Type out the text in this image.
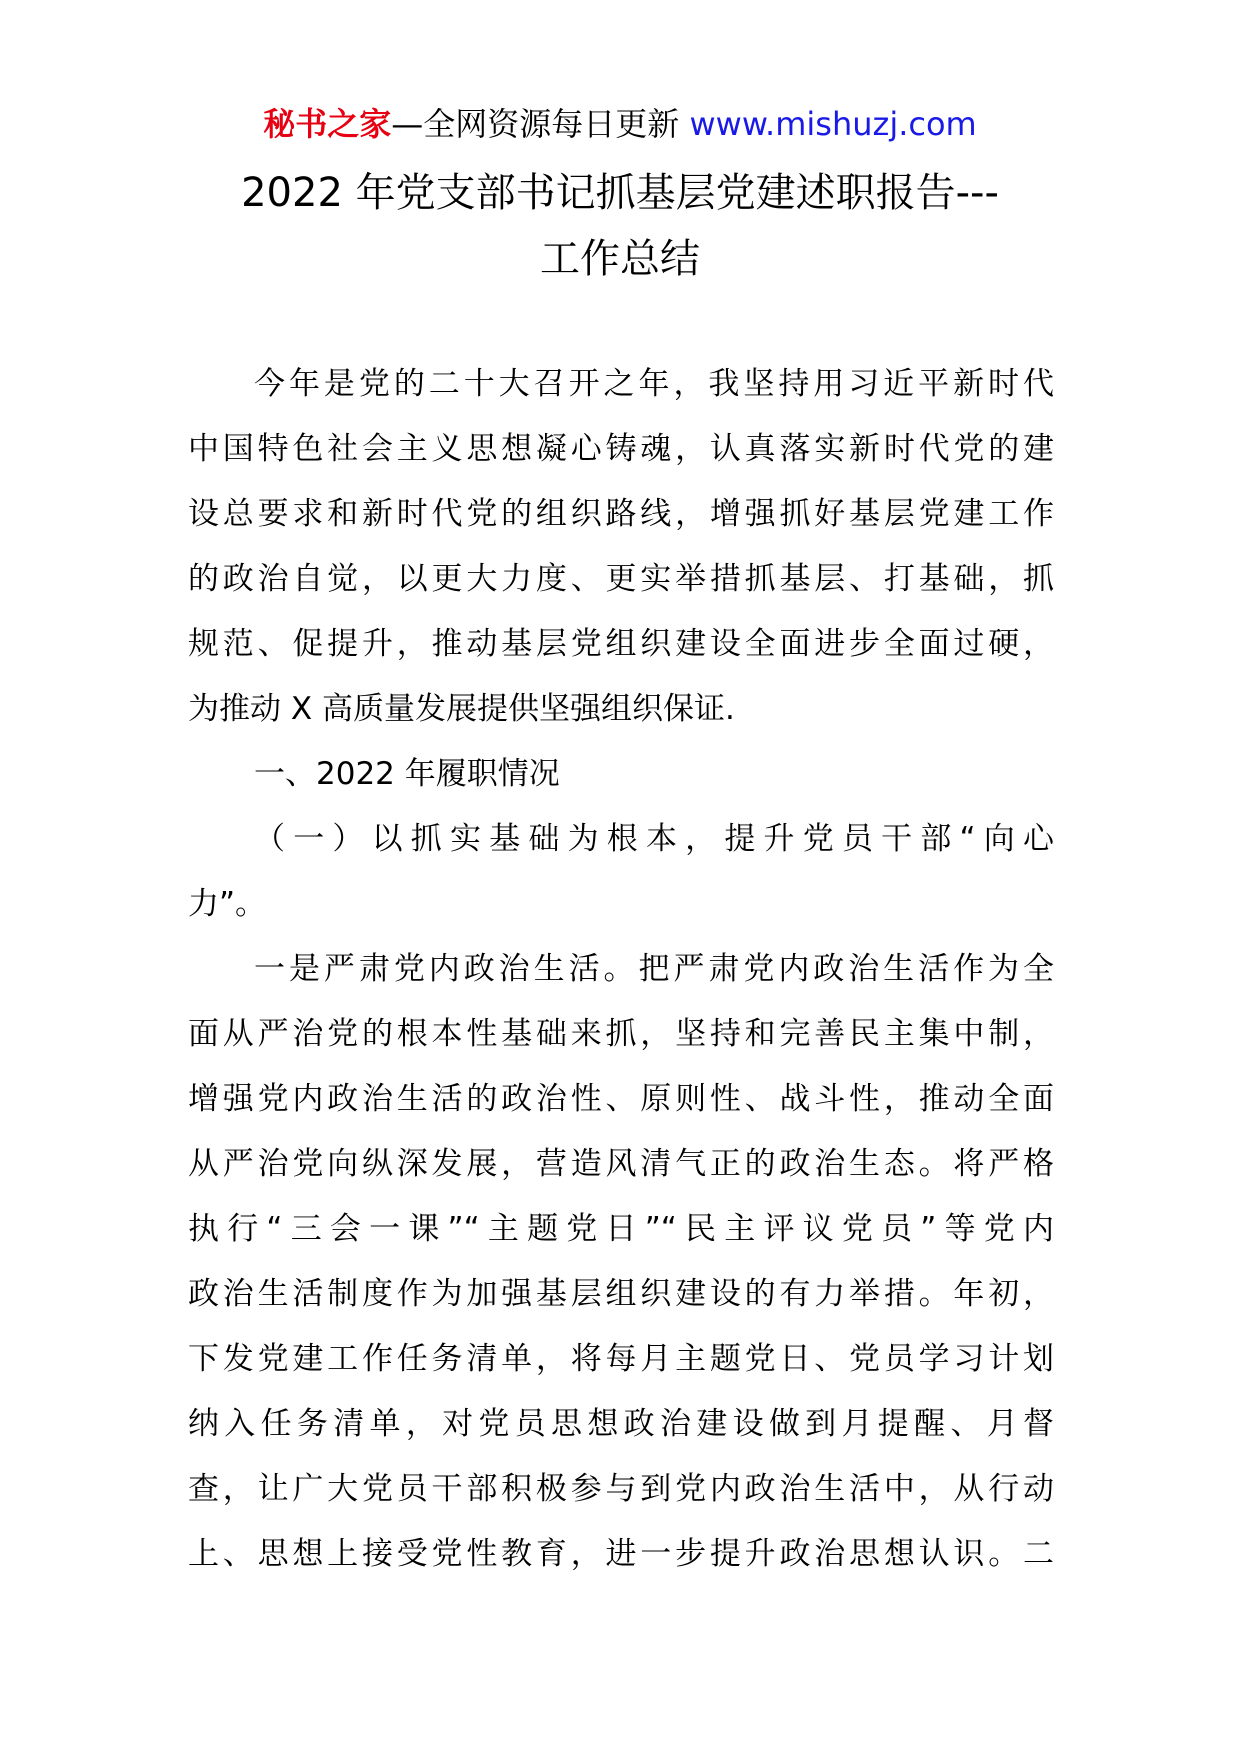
秘书之家—全网资源每日更新 www.mishuzj.com
2022 年党支部书记抓基层党建述职报告---
工作总结
今年是党的二十大召开之年，我坚持用习近平新时代
中国特色社会主义思想凝心铸魂，认真落实新时代党的建
设总要求和新时代党的组织路线，增强抓好基层党建工作
的政治自觉，以更大力度、更实举措抓基层、打基础，抓
规范、促提升，推动基层党组织建设全面进步全面过硬，
为推动 X 高质量发展提供坚强组织保证.
一、2022 年履职情况
（一）以抓实基础为根本，提升党员干部“向心
力”。
一是严肃党内政治生活。把严肃党内政治生活作为全
面从严治党的根本性基础来抓，坚持和完善民主集中制，
增强党内政治生活的政治性、原则性、战斗性，推动全面
从严治党向纵深发展，营造风清气正的政治生态。将严格
执行“三会一课”“主题党日”“民主评议党员”等党内
政治生活制度作为加强基层组织建设的有力举措。年初，
下发党建工作任务清单，将每月主题党日、党员学习计划
纳入任务清单，对党员思想政治建设做到月提醒、月督
查，让广大党员干部积极参与到党内政治生活中，从行动
上、思想上接受党性教育，进一步提升政治思想认识。二
